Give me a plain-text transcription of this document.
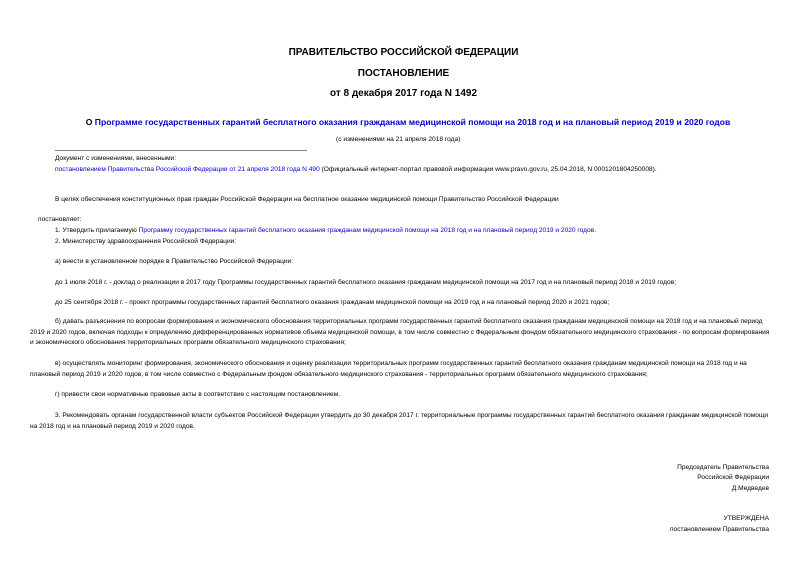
ПРАВИТЕЛЬСТВО РОССИЙСКОЙ ФЕДЕРАЦИИ
ПОСТАНОВЛЕНИЕ
от 8 декабря 2017 года N 1492
О Программе государственных гарантий бесплатного оказания гражданам медицинской помощи на 2018 год и на плановый период 2019 и 2020 годов
(с изменениями на 21 апреля 2018 года)
Документ с изменениями, внесенными:
постановлением Правительства Российской Федерации от 21 апреля 2018 года N 490 (Официальный интернет-портал правовой информации www.pravo.gov.ru, 25.04.2018, N 0001201804250008).
В целях обеспечения конституционных прав граждан Российской Федерации на бесплатное оказание медицинской помощи Правительство Российской Федерации
постановляет:
1. Утвердить прилагаемую Программу государственных гарантий бесплатного оказания гражданам медицинской помощи на 2018 год и на плановый период 2019 и 2020 годов.
2. Министерству здравоохранения Российской Федерации:
а) внести в установленном порядке в Правительство Российской Федерации:
до 1 июля 2018 г. - доклад о реализации в 2017 году Программы государственных гарантий бесплатного оказания гражданам медицинской помощи на 2017 год и на плановый период 2018 и 2019 годов;
до 25 сентября 2018 г. - проект программы государственных гарантий бесплатного оказания гражданам медицинской помощи на 2019 год и на плановый период 2020 и 2021 годов;
б) давать разъяснения по вопросам формирования и экономического обоснования территориальных программ государственных гарантий бесплатного оказания гражданам медицинской помощи на 2018 год и на плановый период 2019 и 2020 годов, включая подходы к определению дифференцированных нормативов объема медицинской помощи, в том числе совместно с Федеральным фондом обязательного медицинского страхования - по вопросам формирования и экономического обоснования территориальных программ обязательного медицинского страхования;
в) осуществлять мониторинг формирования, экономического обоснования и оценку реализации территориальных программ государственных гарантий бесплатного оказания гражданам медицинской помощи на 2018 год и на плановый период 2019 и 2020 годов, в том числе совместно с Федеральным фондом обязательного медицинского страхования - территориальных программ обязательного медицинского страхования;
г) привести свои нормативные правовые акты в соответствие с настоящим постановлением.
3. Рекомендовать органам государственной власти субъектов Российской Федерации утвердить до 30 декабря 2017 г. территориальные программы государственных гарантий бесплатного оказания гражданам медицинской помощи на 2018 год и на плановый период 2019 и 2020 годов.
Председатель Правительства
Российской Федерации
Д.Медведев
УТВЕРЖДЕНА
постановлением Правительства
